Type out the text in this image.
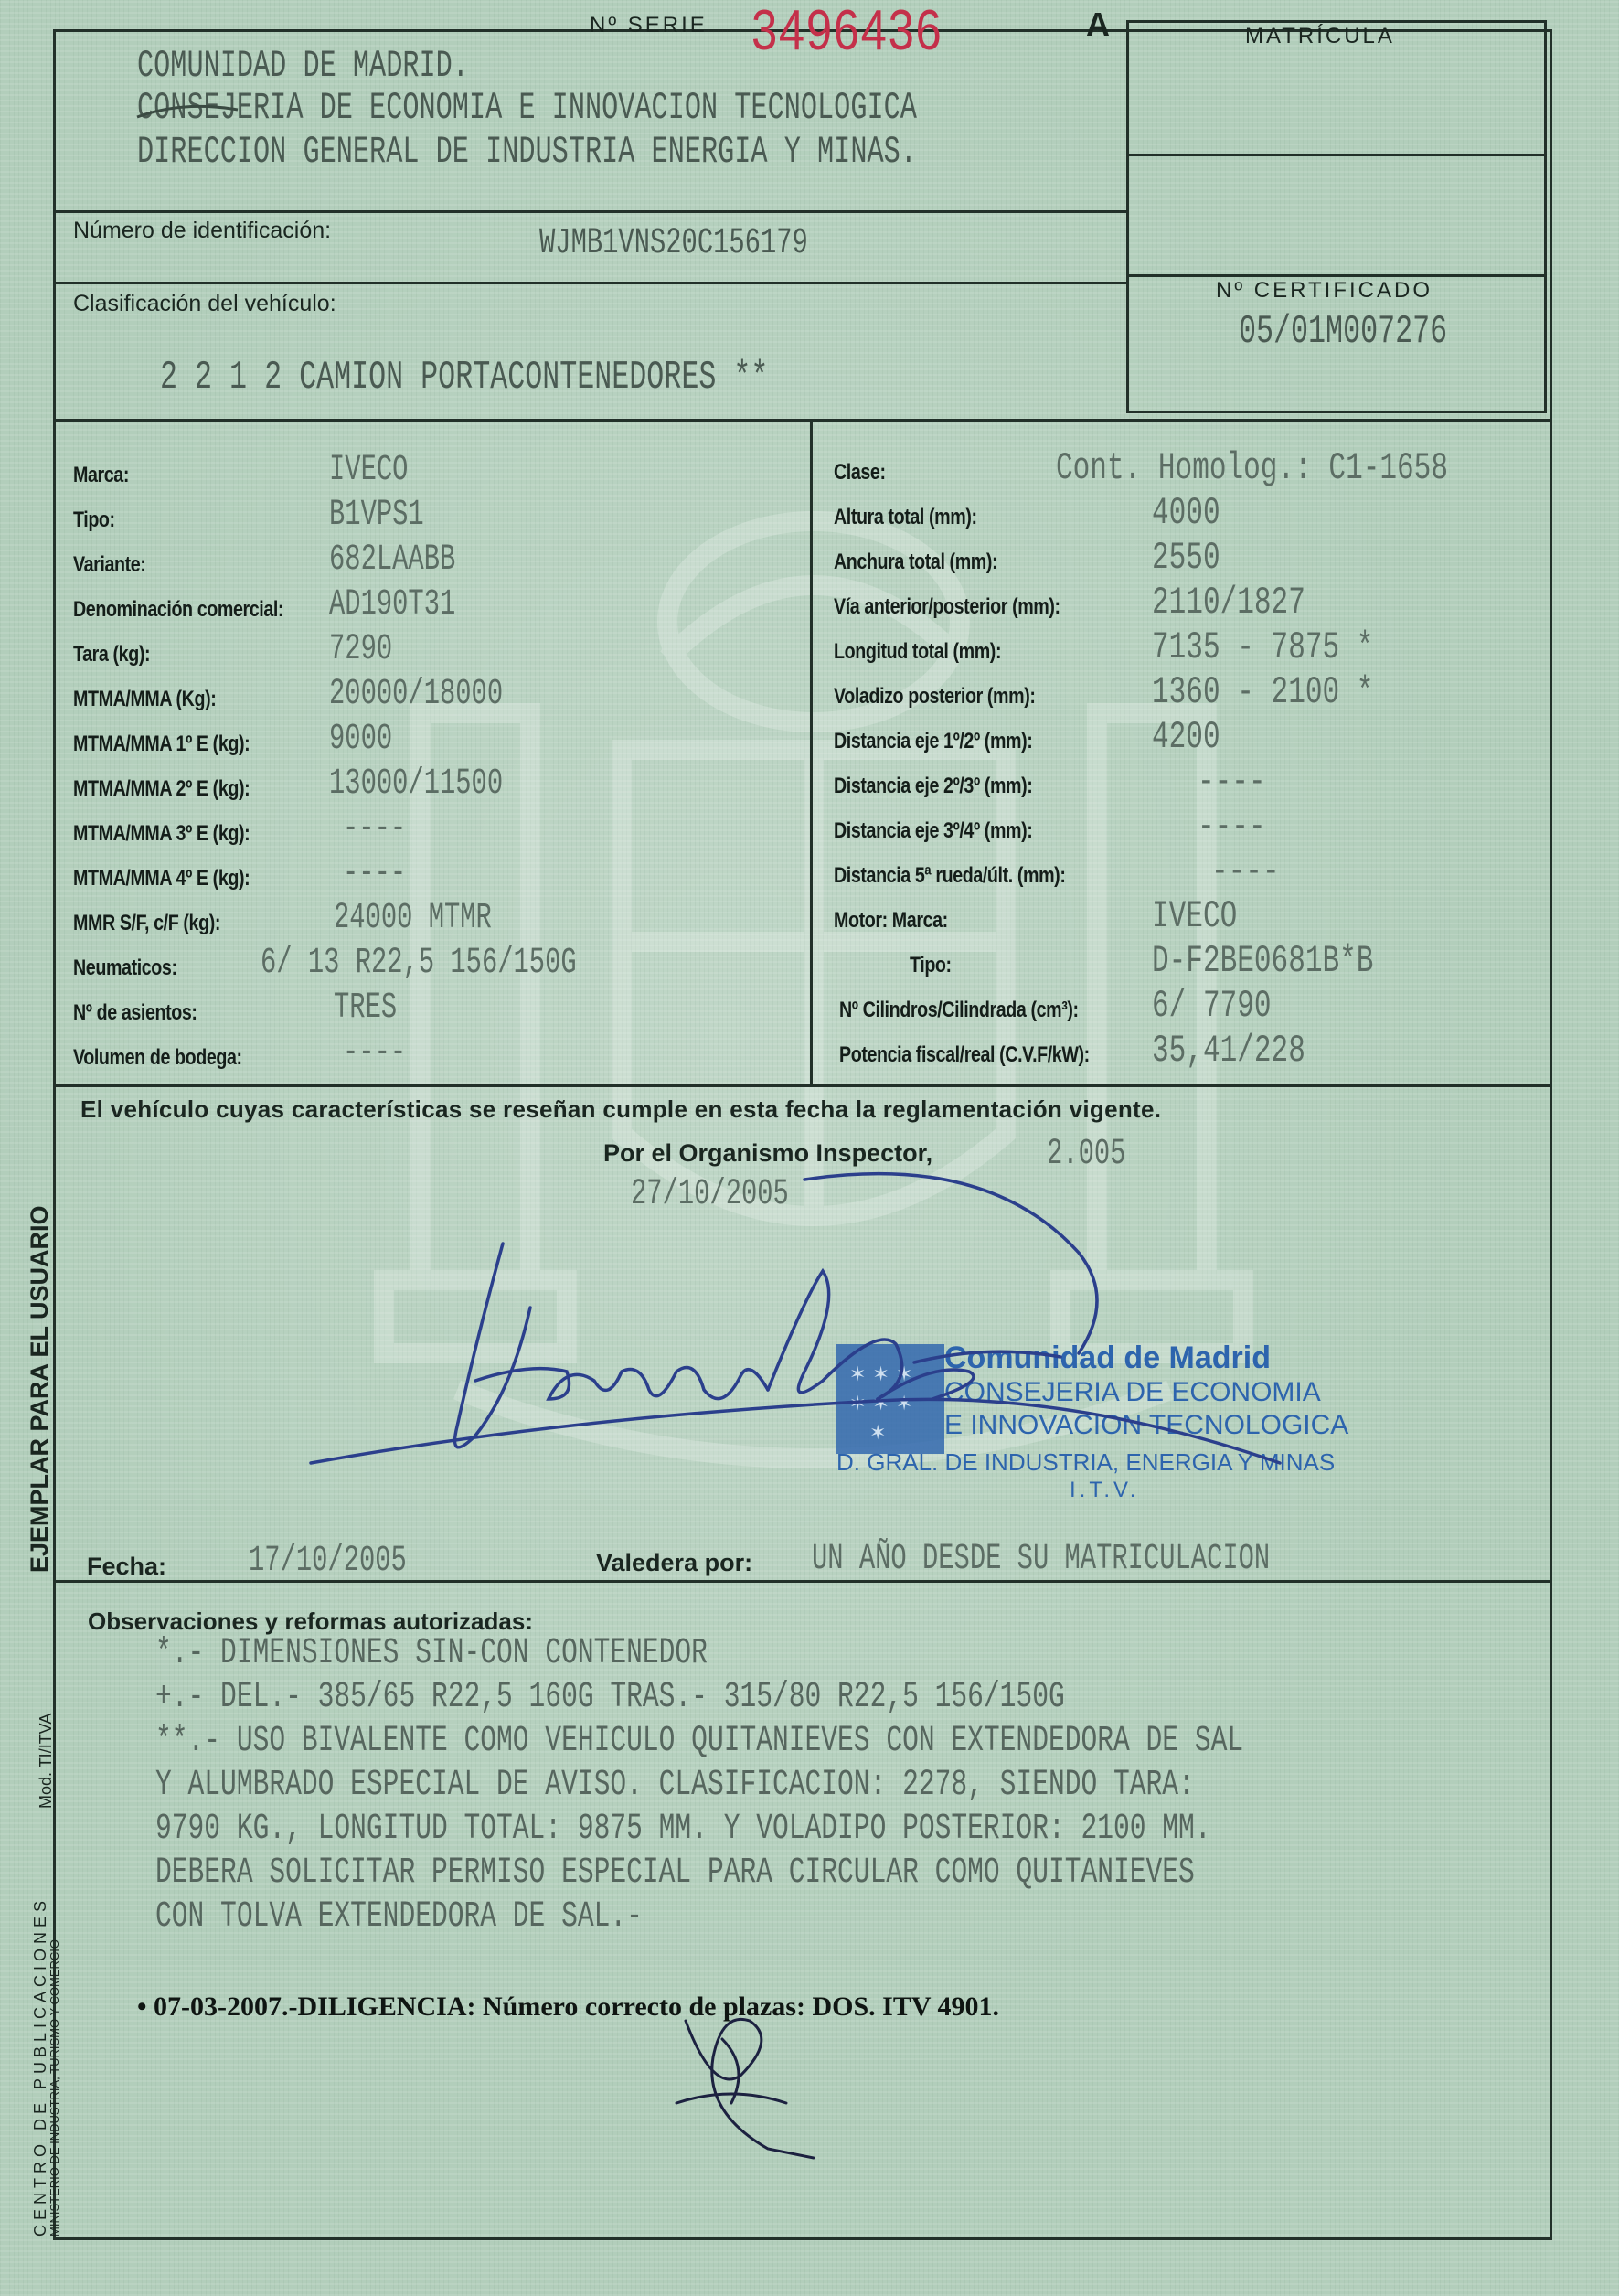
Nº SERIE 3496436	A	MATRÍCULA
COMUNIDAD DE MADRID.
CONSEJERIA DE ECONOMIA E INNOVACION TECNOLOGICA
DIRECCION GENERAL DE INDUSTRIA ENERGIA Y MINAS.
Número de identificación:	WJMB1VNS20C156179
Clasificación del vehículo:
2 2 1 2 CAMION PORTACONTENEDORES **
Nº CERTIFICADO
05/01M007276
Marca:	IVECO
Tipo:	B1VPS1
Variante:	682LAABB
Denominación comercial: AD190T31
Tara (kg):	7290
MTMA/MMA (Kg):	20000/18000
MTMA/MMA 1º E (kg): 9000
MTMA/MMA 2º E (kg): 13000/11500
MTMA/MMA 3º E (kg):	----
MTMA/MMA 4º E (kg):	----
MMR S/F, c/F (kg):	24000 MTMR
Neumaticos: 6/ 13 R22,5 156/150G
Nº de asientos:	TRES
Volumen de bodega:	----
Clase:	Cont. Homolog.: C1-1658
Altura total (mm):	4000
Anchura total (mm):	2550
Vía anterior/posterior (mm): 2110/1827
Longitud total (mm):	7135 - 7875 *
Voladizo posterior (mm):	1360 - 2100 *
Distancia eje 1º/2º (mm):	4200
Distancia eje 2º/3º (mm):	----
Distancia eje 3º/4º (mm):	----
Distancia 5ª rueda/últ. (mm):	----
Motor: Marca:	IVECO
Tipo:	D-F2BE0681B*B
Nº Cilindros/Cilindrada (cm³): 6/ 7790
Potencia fiscal/real (C.V.F/kW): 35,41/228
El vehículo cuyas características se reseñan cumple en esta fecha la reglamentación vigente.
Por el Organismo Inspector,	2.005
27/10/2005
✶ ✶ ✶
✶ ✶ ✶
✶
Comunidad de Madrid
CONSEJERIA DE ECONOMIA
E INNOVACION TECNOLOGICA
D. GRAL. DE INDUSTRIA, ENERGIA Y MINAS
I.T.V.
Fecha: 17/10/2005	Valedera por: UN AÑO DESDE SU MATRICULACION
Observaciones y reformas autorizadas:
*.- DIMENSIONES SIN-CON CONTENEDOR
+.- DEL.- 385/65 R22,5 160G TRAS.- 315/80 R22,5 156/150G
**.- USO BIVALENTE COMO VEHICULO QUITANIEVES CON EXTENDEDORA DE SAL
Y ALUMBRADO ESPECIAL DE AVISO. CLASIFICACION: 2278, SIENDO TARA:
9790 KG., LONGITUD TOTAL: 9875 MM. Y VOLADIPO POSTERIOR: 2100 MM.
DEBERA SOLICITAR PERMISO ESPECIAL PARA CIRCULAR COMO QUITANIEVES
CON TOLVA EXTENDEDORA DE SAL.-
• 07-03-2007.-DILIGENCIA: Número correcto de plazas: DOS. ITV 4901.
EJEMPLAR PARA EL USUARIO
Mod. TI/ITVA
CENTRO DE PUBLICACIONES
MINISTERIO DE INDUSTRIA, TURISMO Y COMERCIO
